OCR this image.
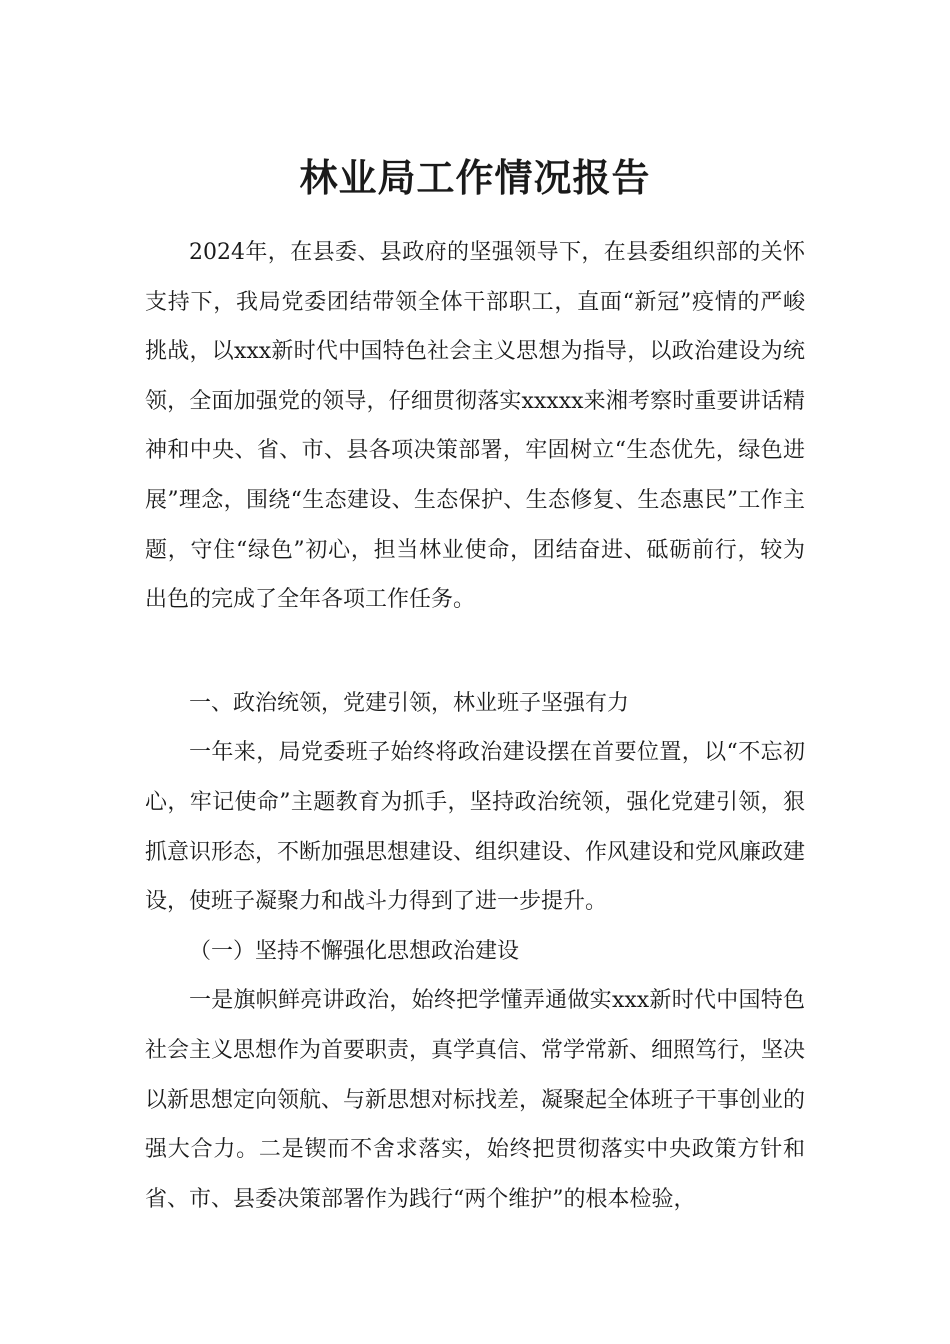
林业局工作情况报告

2024年，在县委、县政府的坚强领导下，在县委组织部的关怀支持下，我局党委团结带领全体干部职工，直面“新冠”疫情的严峻挑战，以xxx新时代中国特色社会主义思想为指导，以政治建设为统领，全面加强党的领导，仔细贯彻落实xxxxx来湘考察时重要讲话精神和中央、省、市、县各项决策部署，牢固树立“生态优先，绿色进展”理念，围绕“生态建设、生态保护、生态修复、生态惠民”工作主题，守住“绿色”初心，担当林业使命，团结奋进、砥砺前行，较为出色的完成了全年各项工作任务。

一、政治统领，党建引领，林业班子坚强有力

一年来，局党委班子始终将政治建设摆在首要位置，以“不忘初心，牢记使命”主题教育为抓手，坚持政治统领，强化党建引领，狠抓意识形态，不断加强思想建设、组织建设、作风建设和党风廉政建设，使班子凝聚力和战斗力得到了进一步提升。

（一）坚持不懈强化思想政治建设

一是旗帜鲜亮讲政治，始终把学懂弄通做实xxx新时代中国特色社会主义思想作为首要职责，真学真信、常学常新、细照笃行，坚决以新思想定向领航、与新思想对标找差，凝聚起全体班子干事创业的强大合力。二是锲而不舍求落实，始终把贯彻落实中央政策方针和省、市、县委决策部署作为践行“两个维护”的根本检验，
